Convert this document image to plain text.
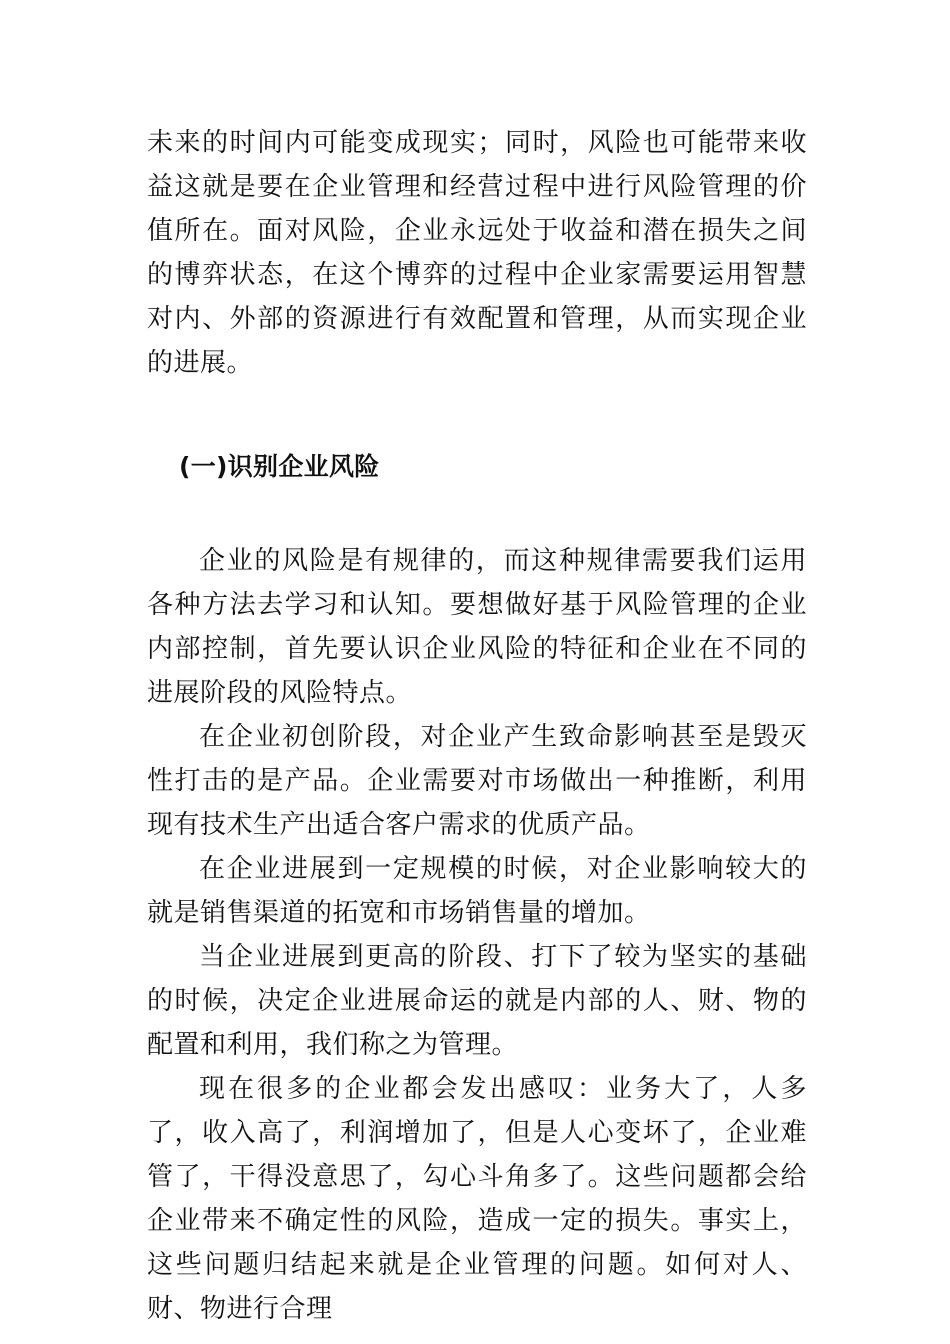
未来的时间内可能变成现实；同时，风险也可能带来收益这就是要在企业管理和经营过程中进行风险管理的价值所在。面对风险，企业永远处于收益和潜在损失之间的博弈状态，在这个博弈的过程中企业家需要运用智慧对内、外部的资源进行有效配置和管理，从而实现企业的进展。

(一)识别企业风险

企业的风险是有规律的，而这种规律需要我们运用各种方法去学习和认知。要想做好基于风险管理的企业内部控制，首先要认识企业风险的特征和企业在不同的进展阶段的风险特点。

在企业初创阶段，对企业产生致命影响甚至是毁灭性打击的是产品。企业需要对市场做出一种推断，利用现有技术生产出适合客户需求的优质产品。

在企业进展到一定规模的时候，对企业影响较大的就是销售渠道的拓宽和市场销售量的增加。

当企业进展到更高的阶段、打下了较为坚实的基础的时候，决定企业进展命运的就是内部的人、财、物的配置和利用，我们称之为管理。

现在很多的企业都会发出感叹：业务大了，人多了，收入高了，利润增加了，但是人心变坏了，企业难管了，干得没意思了，勾心斗角多了。这些问题都会给企业带来不确定性的风险，造成一定的损失。事实上，这些问题归结起来就是企业管理的问题。如何对人、财、物进行合理
